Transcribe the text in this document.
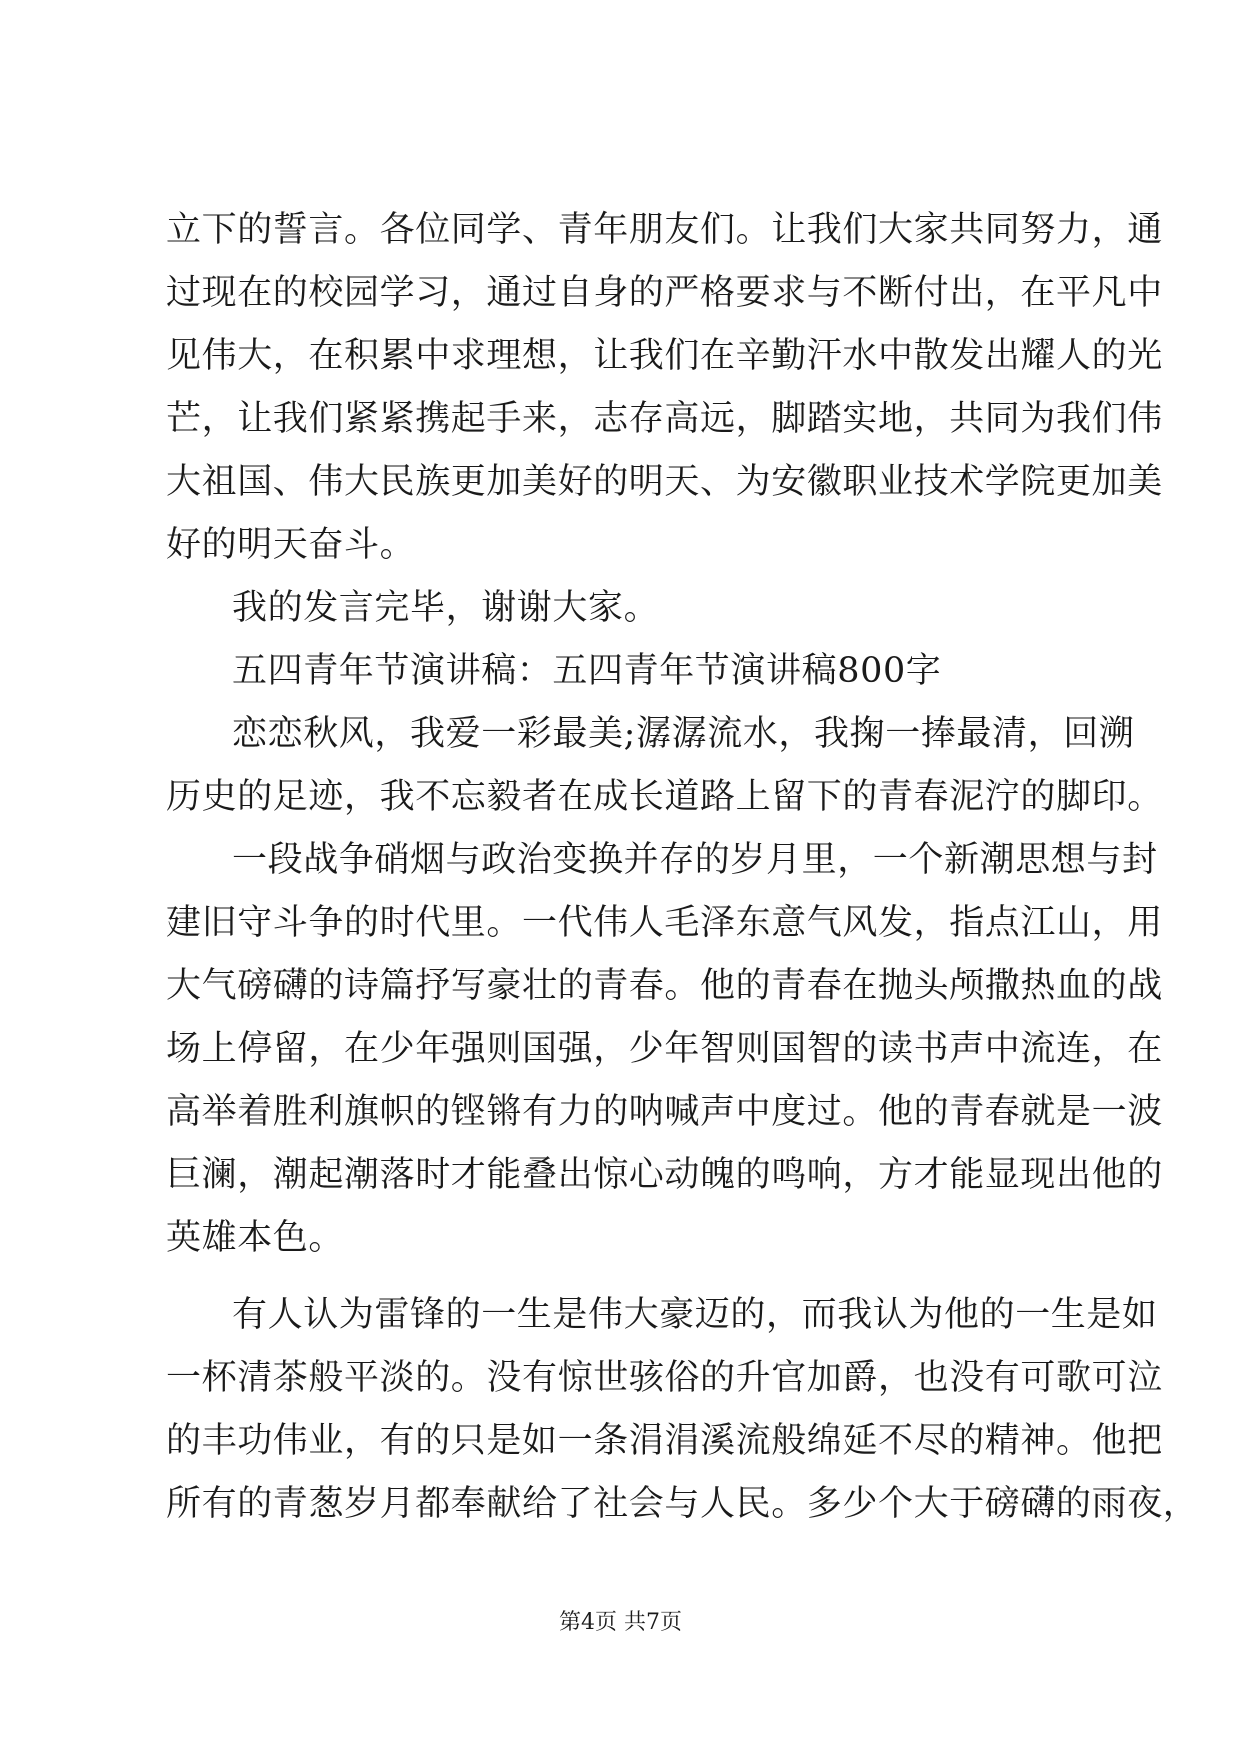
立下的誓言。各位同学、青年朋友们。让我们大家共同努力，通
过现在的校园学习，通过自身的严格要求与不断付出，在平凡中
见伟大，在积累中求理想，让我们在辛勤汗水中散发出耀人的光
芒，让我们紧紧携起手来，志存高远，脚踏实地，共同为我们伟
大祖国、伟大民族更加美好的明天、为安徽职业技术学院更加美
好的明天奋斗。
我的发言完毕，谢谢大家。
五四青年节演讲稿：五四青年节演讲稿800字
恋恋秋风，我爱一彩最美;潺潺流水，我掬一捧最清，回溯
历史的足迹，我不忘毅者在成长道路上留下的青春泥泞的脚印。
一段战争硝烟与政治变换并存的岁月里，一个新潮思想与封
建旧守斗争的时代里。一代伟人毛泽东意气风发，指点江山，用
大气磅礴的诗篇抒写豪壮的青春。他的青春在抛头颅撒热血的战
场上停留，在少年强则国强，少年智则国智的读书声中流连，在
高举着胜利旗帜的铿锵有力的呐喊声中度过。他的青春就是一波
巨澜，潮起潮落时才能叠出惊心动魄的鸣响，方才能显现出他的
英雄本色。
有人认为雷锋的一生是伟大豪迈的，而我认为他的一生是如
一杯清茶般平淡的。没有惊世骇俗的升官加爵，也没有可歌可泣
的丰功伟业，有的只是如一条涓涓溪流般绵延不尽的精神。他把
所有的青葱岁月都奉献给了社会与人民。多少个大于磅礴的雨夜，
第4页 共7页
